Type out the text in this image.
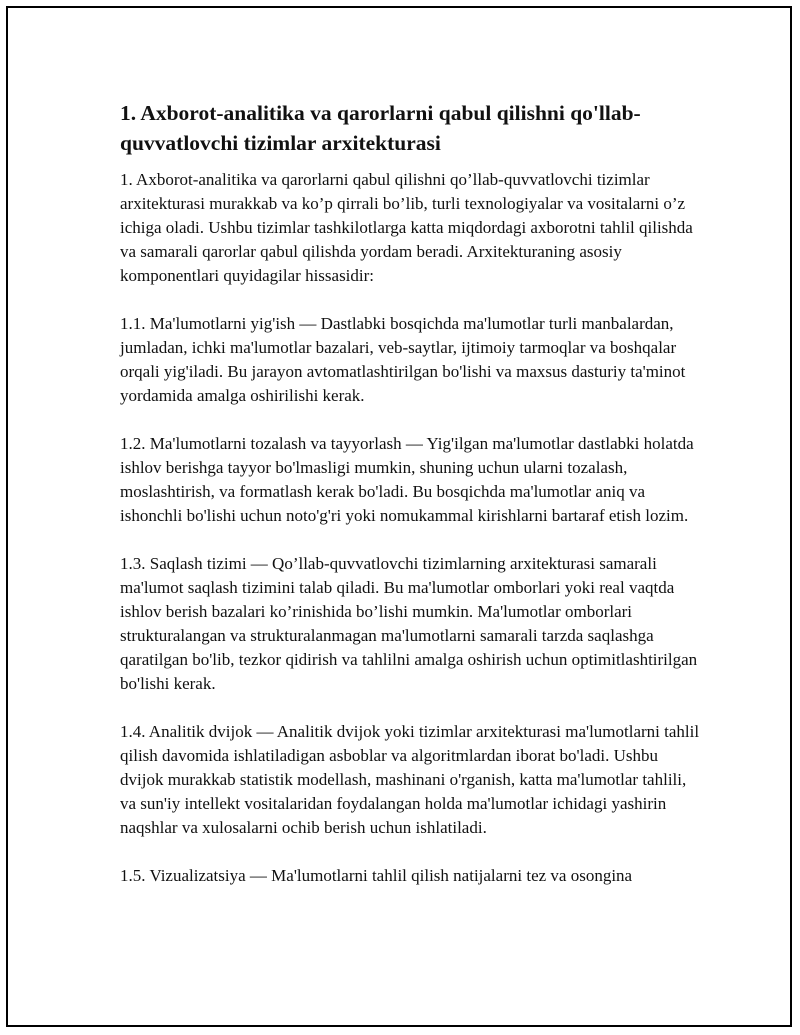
1. Axborot-analitika va qarorlarni qabul qilishni qo'llab-quvvatlovchi tizimlar arxitekturasi

1. Axborot-analitika va qarorlarni qabul qilishni qo’llab-quvvatlovchi tizimlar arxitekturasi murakkab va ko’p qirrali bo’lib, turli texnologiyalar va vositalarni o’z ichiga oladi. Ushbu tizimlar tashkilotlarga katta miqdordagi axborotni tahlil qilishda va samarali qarorlar qabul qilishda yordam beradi. Arxitekturaning asosiy komponentlari quyidagilar hissasidir:

1.1. Ma'lumotlarni yig'ish — Dastlabki bosqichda ma'lumotlar turli manbalardan, jumladan, ichki ma'lumotlar bazalari, veb-saytlar, ijtimoiy tarmoqlar va boshqalar orqali yig'iladi. Bu jarayon avtomatlashtirilgan bo'lishi va maxsus dasturiy ta'minot yordamida amalga oshirilishi kerak.

1.2. Ma'lumotlarni tozalash va tayyorlash — Yig'ilgan ma'lumotlar dastlabki holatda ishlov berishga tayyor bo'lmasligi mumkin, shuning uchun ularni tozalash, moslashtirish, va formatlash kerak bo'ladi. Bu bosqichda ma'lumotlar aniq va ishonchli bo'lishi uchun noto'g'ri yoki nomukammal kirishlarni bartaraf etish lozim.

1.3. Saqlash tizimi — Qo’llab-quvvatlovchi tizimlarning arxitekturasi samarali ma'lumot saqlash tizimini talab qiladi. Bu ma'lumotlar omborlari yoki real vaqtda ishlov berish bazalari ko’rinishida bo’lishi mumkin. Ma'lumotlar omborlari strukturalangan va strukturalanmagan ma'lumotlarni samarali tarzda saqlashga qaratilgan bo'lib, tezkor qidirish va tahlilni amalga oshirish uchun optimitlashtirilgan bo'lishi kerak.

1.4. Analitik dvijok — Analitik dvijok yoki tizimlar arxitekturasi ma'lumotlarni tahlil qilish davomida ishlatiladigan asboblar va algoritmlardan iborat bo'ladi. Ushbu dvijok murakkab statistik modellash, mashinani o'rganish, katta ma'lumotlar tahlili, va sun'iy intellekt vositalaridan foydalangan holda ma'lumotlar ichidagi yashirin naqshlar va xulosalarni ochib berish uchun ishlatiladi.

1.5. Vizualizatsiya — Ma'lumotlarni tahlil qilish natijalarni tez va osongina
